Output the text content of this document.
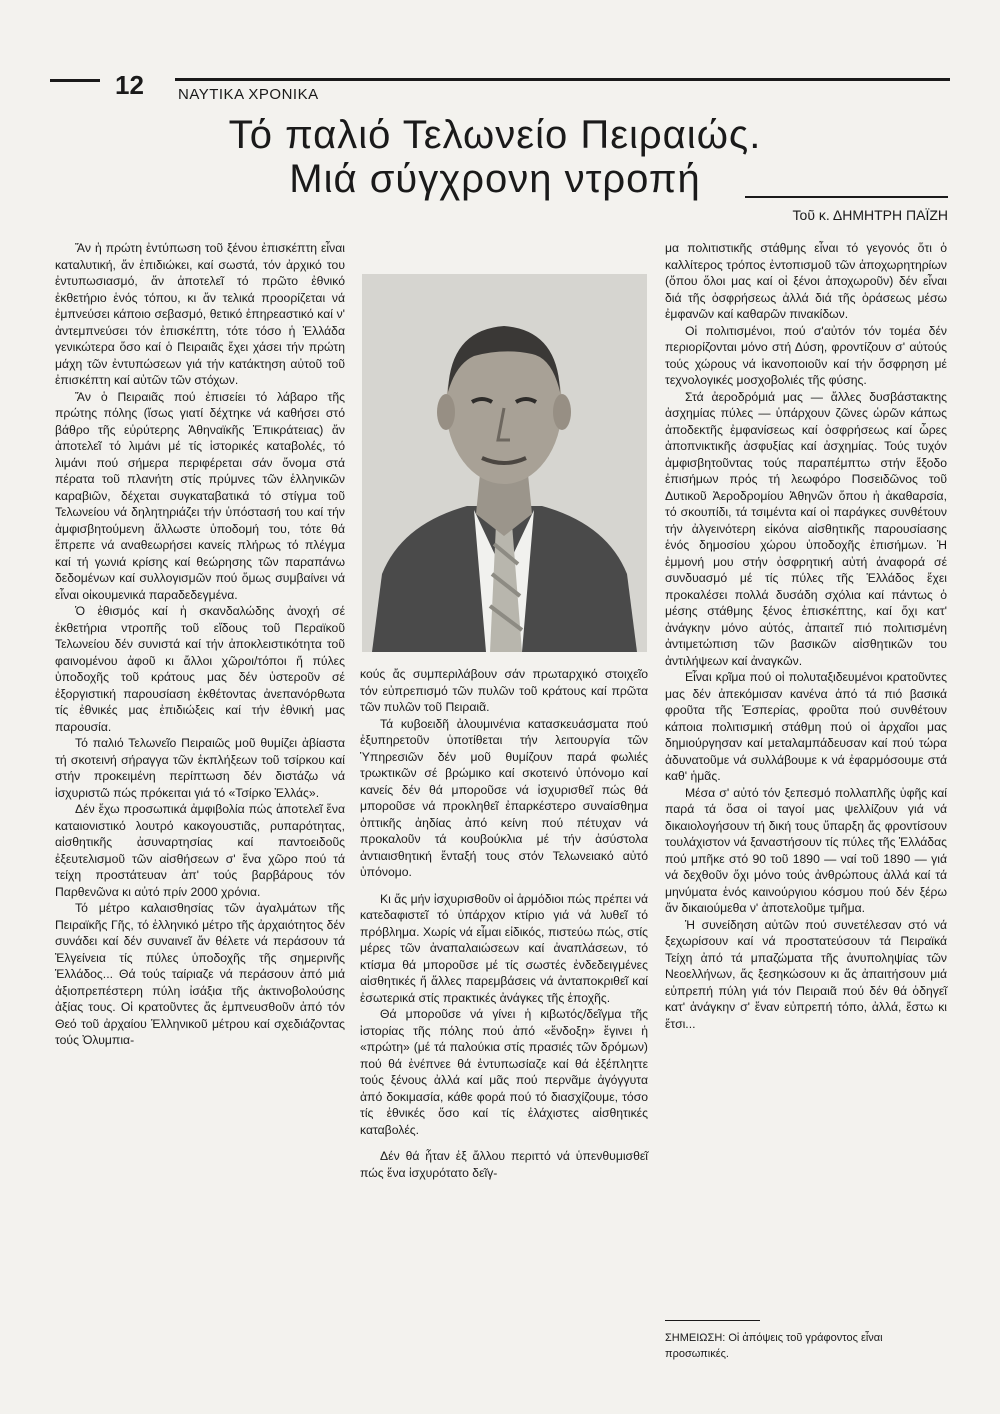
12 ΝΑΥΤΙΚΑ ΧΡΟΝΙΚΑ
Τό παλιό Τελωνείο Πειραιώς.
Μιά σύγχρονη ντροπή
Τοῦ κ. ΔΗΜΗΤΡΗ ΠΑΪΖΗ

Ἄν ἡ πρώτη ἐντύπωση τοῦ ξένου ἐπισκέπτη εἶναι καταλυτική, ἄν ἐπιδιώκει, καί σωστά, τόν ἀρχικό του ἐντυπωσιασμό, ἄν ἀποτελεῖ τό πρῶτο ἐθνικό ἐκθετήριο ἑνός τόπου, κι ἄν τελικά προορίζεται νά ἐμπνεύσει κάποιο σεβασμό, θετικό ἐπηρεαστικό καί ν' ἀντεμπνεύσει τόν ἐπισκέπτη, τότε τόσο ἡ Ἑλλάδα γενικώτερα ὅσο καί ὁ Πειραιᾶς ἔχει χάσει τήν πρώτη μάχη τῶν ἐντυπώσεων γιά τήν κατάκτηση αὐτοῦ τοῦ ἐπισκέπτη καί αὐτῶν τῶν στόχων.

Ἄν ὁ Πειραιᾶς πού ἐπισείει τό λάβαρο τῆς πρώτης πόλης (ἴσως γιατί δέχτηκε νά καθήσει στό βάθρο τῆς εὐρύτερης Ἀθηναϊκῆς Ἐπικράτειας) ἄν ἀποτελεῖ τό λιμάνι μέ τίς ἱστορικές καταβολές, τό λιμάνι πού σήμερα περιφέρεται σάν ὄνομα στά πέρατα τοῦ πλανήτη στίς πρύμνες τῶν ἑλληνικῶν καραβιῶν, δέχεται συγκαταβατικά τό στίγμα τοῦ Τελωνείου νά δηλητηριάζει τήν ὑπόστασή του καί τήν ἀμφισβητούμενη ἄλλωστε ὑποδομή του, τότε θά ἔπρεπε νά αναθεωρήσει κανείς πλήρως τό πλέγμα καί τή γωνιά κρίσης καί θεώρησης τῶν παραπάνω δεδομένων καί συλλογισμῶν πού ὅμως συμβαίνει νά εἶναι οἰκουμενικά παραδεδεγμένα.

Ὁ ἐθισμός καί ἡ σκανδαλώδης ἀνοχή σέ ἐκθετήρια ντροπῆς τοῦ εἴδους τοῦ Περαϊκοῦ Τελωνείου δέν συνιστά καί τήν ἀποκλειστικότητα τοῦ φαινομένου ἀφοῦ κι ἄλλοι χῶροι/τόποι ἤ πύλες ὑποδοχῆς τοῦ κράτους μας δέν ὑστεροῦν σέ ἐξοργιστική παρουσίαση ἐκθέτοντας ἀνεπανόρθωτα τίς ἐθνικές μας ἐπιδιώξεις καί τήν ἐθνική μας παρουσία.

Τό παλιό Τελωνεῖο Πειραιῶς μοῦ θυμίζει ἀβίαστα τή σκοτεινή σήραγγα τῶν ἐκπλήξεων τοῦ τσίρκου καί στήν προκειμένη περίπτωση δέν διστάζω νά ἰσχυριστῶ πώς πρόκειται γιά τό «Τσίρκο Ἑλλάς».

Δέν ἔχω προσωπικά ἀμφιβολία πώς ἀποτελεῖ ἕνα καταιονιστικό λουτρό κακογουστιᾶς, ρυπαρότητας, αἰσθητικῆς ἀσυναρτησίας καί παντοειδοῦς ἐξευτελισμοῦ τῶν αἰσθήσεων σ' ἕνα χῶρο πού τά τείχη προστάτευαν ἀπ' τούς βαρβάρους τόν Παρθενῶνα κι αὐτό πρίν 2000 χρόνια.

Τό μέτρο καλαισθησίας τῶν ἀγαλμάτων τῆς Πειραϊκῆς Γῆς, τό ἑλληνικό μέτρο τῆς ἀρχαιότητος δέν συνάδει καί δέν συναινεῖ ἄν θέλετε νά περάσουν τά Ἐλγείνεια τίς πύλες ὑποδοχῆς τῆς σημερινῆς Ἑλλάδος... Θά τούς ταίριαζε νά περάσουν ἀπό μιά ἀξιοπρεπέστερη πύλη ἰσάξια τῆς ἀκτινοβολούσης ἀξίας τους. Οἱ κρατοῦντες ἄς ἐμπνευσθοῦν ἀπό τόν Θεό τοῦ ἀρχαίου Ἑλληνικοῦ μέτρου καί σχεδιάζοντας τούς Ὀλυμπια-

κούς ἄς συμπεριλάβουν σάν πρωταρχικό στοιχεῖο τόν εὐπρεπισμό τῶν πυλῶν τοῦ κράτους καί πρῶτα τῶν πυλῶν τοῦ Πειραιᾶ.

Τά κυβοειδῆ ἀλουμινένια κατασκευάσματα πού ἐξυπηρετοῦν ὑποτίθεται τήν λειτουργία τῶν Ὑπηρεσιῶν δέν μοῦ θυμίζουν παρά φωλιές τρωκτικῶν σέ βρώμικο καί σκοτεινό ὑπόνομο καί κανείς δέν θά μποροῦσε νά ἰσχυρισθεῖ πώς θά μποροῦσε νά προκληθεῖ ἐπαρκέστερο συναίσθημα ὀπτικῆς ἀηδίας ἀπό κείνη πού πέτυχαν νά προκαλοῦν τά κουβούκλια μέ τήν ἀσύστολα ἀντιαισθητική ἔνταξή τους στόν Τελωνειακό αὐτό ὑπόνομο.

Κι ἄς μήν ἰσχυρισθοῦν οἱ ἁρμόδιοι πώς πρέπει νά κατεδαφιστεῖ τό ὑπάρχον κτίριο γιά νά λυθεῖ τό πρόβλημα. Χωρίς νά εἶμαι εἰδικός, πιστεύω πώς, στίς μέρες τῶν ἀναπαλαιώσεων καί ἀναπλάσεων, τό κτίσμα θά μποροῦσε μέ τίς σωστές ἐνδεδειγμένες αἰσθητικές ἤ ἄλλες παρεμβάσεις νά ἀνταποκριθεῖ καί ἐσωτερικά στίς πρακτικές ἀνάγκες τῆς ἐποχῆς.

Θά μποροῦσε νά γίνει ἡ κιβωτός/δεῖγμα τῆς ἱστορίας τῆς πόλης πού ἀπό «ἔνδοξη» ἔγινει ἡ «πρώτη» (μέ τά παλούκια στίς πρασιές τῶν δρόμων) πού θά ἐνέπνεε θά ἐντυπωσίαζε καί θά ἐξέπληττε τούς ξένους ἀλλά καί μᾶς πού περνᾶμε ἀγόγγυτα ἀπό δοκιμασία, κάθε φορά πού τό διασχίζουμε, τόσο τίς ἐθνικές ὅσο καί τίς ἐλάχιστες αἰσθητικές καταβολές.

Δέν θά ἦταν ἐξ ἄλλου περιττό νά ὑπενθυμισθεῖ πώς ἕνα ἰσχυρότατο δεῖγ-

μα πολιτιστικῆς στάθμης εἶναι τό γεγονός ὅτι ὁ καλλίτερος τρόπος ἐντοπισμοῦ τῶν ἀποχωρητηρίων (ὅπου ὅλοι μας καί οἱ ξένοι ἀποχωροῦν) δέν εἶναι διά τῆς ὀσφρήσεως ἀλλά διά τῆς ὁράσεως μέσω ἐμφανῶν καί καθαρῶν πινακίδων.

Οἱ πολιτισμένοι, πού σ'αὐτόν τόν τομέα δέν περιορίζονται μόνο στή Δύση, φροντίζουν σ' αὐτούς τούς χώρους νά ἱκανοποιοῦν καί τήν ὄσφρηση μέ τεχνολογικές μοσχοβολιές τῆς φύσης.

Στά ἀεροδρόμιά μας — ἄλλες δυσβάστακτης ἀσχημίας πύλες — ὑπάρχουν ζῶνες ὡρῶν κάπως ἀποδεκτῆς ἐμφανίσεως καί ὀσφρήσεως καί ὧρες ἀποπνικτικῆς ἀσφυξίας καί ἀσχημίας. Τούς τυχόν ἀμφισβητοῦντας τούς παραπέμπτω στήν ἔξοδο ἐπισήμων πρός τή λεωφόρο Ποσειδῶνος τοῦ Δυτικοῦ Ἀεροδρομίου Ἀθηνῶν ὅπου ἡ ἀκαθαρσία, τό σκουπίδι, τά τσιμέντα καί οἱ παράγκες συνθέτουν τήν ἀλγεινότερη εἰκόνα αἰσθητικῆς παρουσίασης ἑνός δημοσίου χώρου ὑποδοχῆς ἐπισήμων. Ἡ ἐμμονή μου στήν ὀσφρητική αὐτή ἀναφορά σέ συνδυασμό μέ τίς πύλες τῆς Ἑλλάδος ἔχει προκαλέσει πολλά δυσάδη σχόλια καί πάντως ὁ μέσης στάθμης ξένος ἐπισκέπτης, καί ὄχι κατ' ἀνάγκην μόνο αὐτός, ἀπαιτεῖ πιό πολιτισμένη ἀντιμετώπιση τῶν βασικῶν αἰσθητικῶν του ἀντιλήψεων καί ἀναγκῶν.

Εἶναι κρῖμα πού οἱ πολυταξιδευμένοι κρατοῦντες μας δέν ἀπεκόμισαν κανένα ἀπό τά πιό βασικά φροῦτα τῆς Ἑσπερίας, φροῦτα πού συνθέτουν κάποια πολιτισμική στάθμη πού οἱ ἀρχαῖοι μας δημιούργησαν καί μεταλαμπάδευσαν καί πού τώρα ἀδυνατοῦμε νά συλλάβουμε κ νά ἐφαρμόσουμε στά καθ' ἡμᾶς.

Μέσα σ' αὐτό τόν ξεπεσμό πολλαπλῆς ὑφῆς καί παρά τά ὅσα οἱ ταγοί μας ψελλίζουν γιά νά δικαιολογήσουν τή δική τους ὕπαρξη ἄς φροντίσουν τουλάχιστον νά ξαναστήσουν τίς πύλες τῆς Ἑλλάδας πού μπῆκε στό 90 τοῦ 1890 — ναί τοῦ 1890 — γιά νά δεχθοῦν ὄχι μόνο τούς ἀνθρώπους ἀλλά καί τά μηνύματα ἑνός καινούργιου κόσμου πού δέν ξέρω ἄν δικαιούμεθα ν' ἀποτελοῦμε τμῆμα.

Ἡ συνείδηση αὐτῶν πού συνετέλεσαν στό νά ξεχωρίσουν καί νά προστατεύσουν τά Πειραϊκά Τείχη ἀπό τά μπαζώματα τῆς ἀνυποληψίας τῶν Νεοελλήνων, ἄς ξεσηκώσουν κι ἄς ἀπαιτήσουν μιά εὐπρεπή πύλη γιά τόν Πειραιᾶ πού δέν θά ὁδηγεῖ κατ' ἀνάγκην σ' ἕναν εὐπρεπή τόπο, ἀλλά, ἔστω κι ἔτσι...

ΣΗΜΕΙΩΣΗ: Οἱ ἀπόψεις τοῦ γράφοντος εἶναι προσωπικές.
